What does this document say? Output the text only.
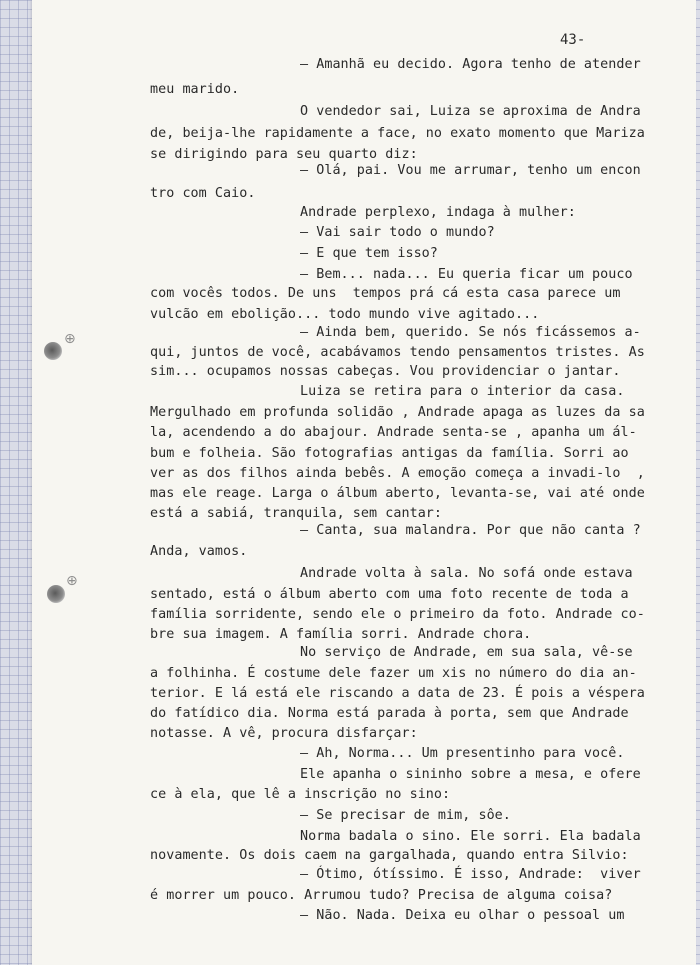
43-
⊕
⊕
– Amanhã eu decido. Agora tenho de atender
meu marido.
O vendedor sai, Luiza se aproxima de Andra
de, beija-lhe rapidamente a face, no exato momento que Mariza
se dirigindo para seu quarto diz:
– Olá, pai. Vou me arrumar, tenho um encon
tro com Caio.
Andrade perplexo, indaga à mulher:
– Vai sair todo o mundo?
– E que tem isso?
– Bem... nada... Eu queria ficar um pouco
com vocês todos. De uns  tempos prá cá esta casa parece um
vulcão em ebolição... todo mundo vive agitado...
– Ainda bem, querido. Se nós ficássemos a-
qui, juntos de você, acabávamos tendo pensamentos tristes. As
sim... ocupamos nossas cabeças. Vou providenciar o jantar.
Luiza se retira para o interior da casa.
Mergulhado em profunda solidão , Andrade apaga as luzes da sa
la, acendendo a do abajour. Andrade senta-se , apanha um ál-
bum e folheia. São fotografias antigas da família. Sorri ao
ver as dos filhos ainda bebês. A emoção começa a invadi-lo  ,
mas ele reage. Larga o álbum aberto, levanta-se, vai até onde
está a sabiá, tranquila, sem cantar:
– Canta, sua malandra. Por que não canta ?
Anda, vamos.
Andrade volta à sala. No sofá onde estava
sentado, está o álbum aberto com uma foto recente de toda a
família sorridente, sendo ele o primeiro da foto. Andrade co-
bre sua imagem. A família sorri. Andrade chora.
No serviço de Andrade, em sua sala, vê-se
a folhinha. É costume dele fazer um xis no número do dia an-
terior. E lá está ele riscando a data de 23. É pois a véspera
do fatídico dia. Norma está parada à porta, sem que Andrade
notasse. A vê, procura disfarçar:
– Ah, Norma... Um presentinho para você.
Ele apanha o sininho sobre a mesa, e ofere
ce à ela, que lê a inscrição no sino:
– Se precisar de mim, sôe.
Norma badala o sino. Ele sorri. Ela badala
novamente. Os dois caem na gargalhada, quando entra Silvio:
– Ótimo, ótíssimo. É isso, Andrade:  viver
é morrer um pouco. Arrumou tudo? Precisa de alguma coisa?
– Não. Nada. Deixa eu olhar o pessoal um
